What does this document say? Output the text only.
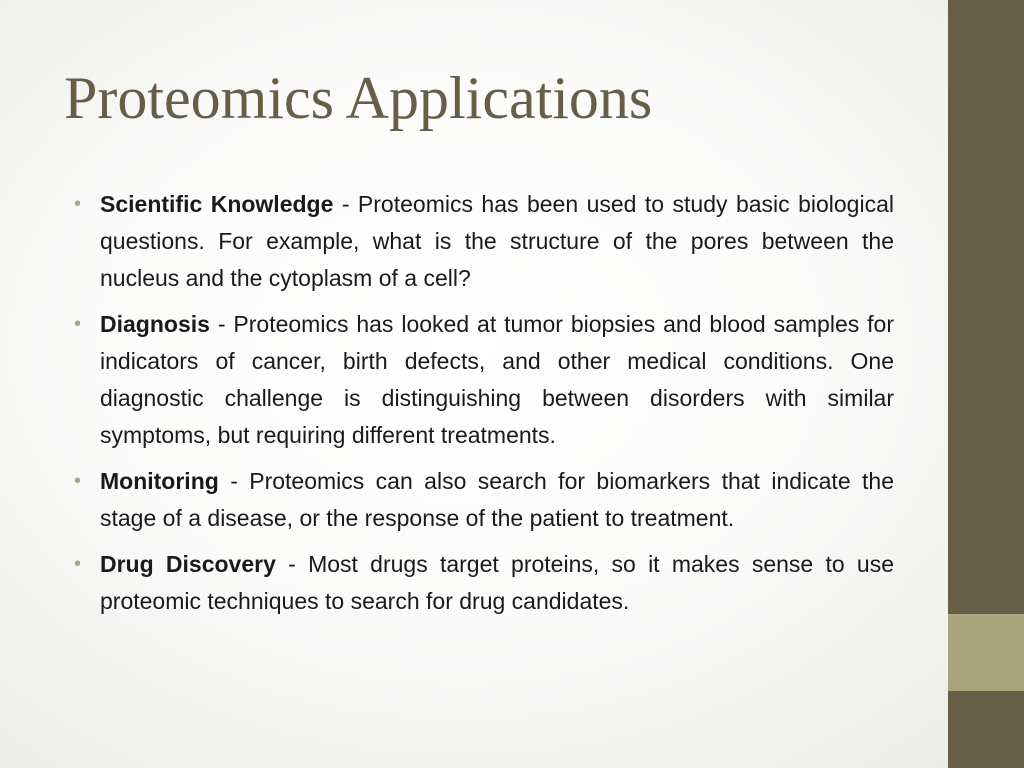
Proteomics Applications
• Scientific Knowledge - Proteomics has been used to study basic biological questions. For example, what is the structure of the pores between the nucleus and the cytoplasm of a cell?
• Diagnosis - Proteomics has looked at tumor biopsies and blood samples for indicators of cancer, birth defects, and other medical conditions. One diagnostic challenge is distinguishing between disorders with similar symptoms, but requiring different treatments.
• Monitoring - Proteomics can also search for biomarkers that indicate the stage of a disease, or the response of the patient to treatment.
• Drug Discovery - Most drugs target proteins, so it makes sense to use proteomic techniques to search for drug candidates.
